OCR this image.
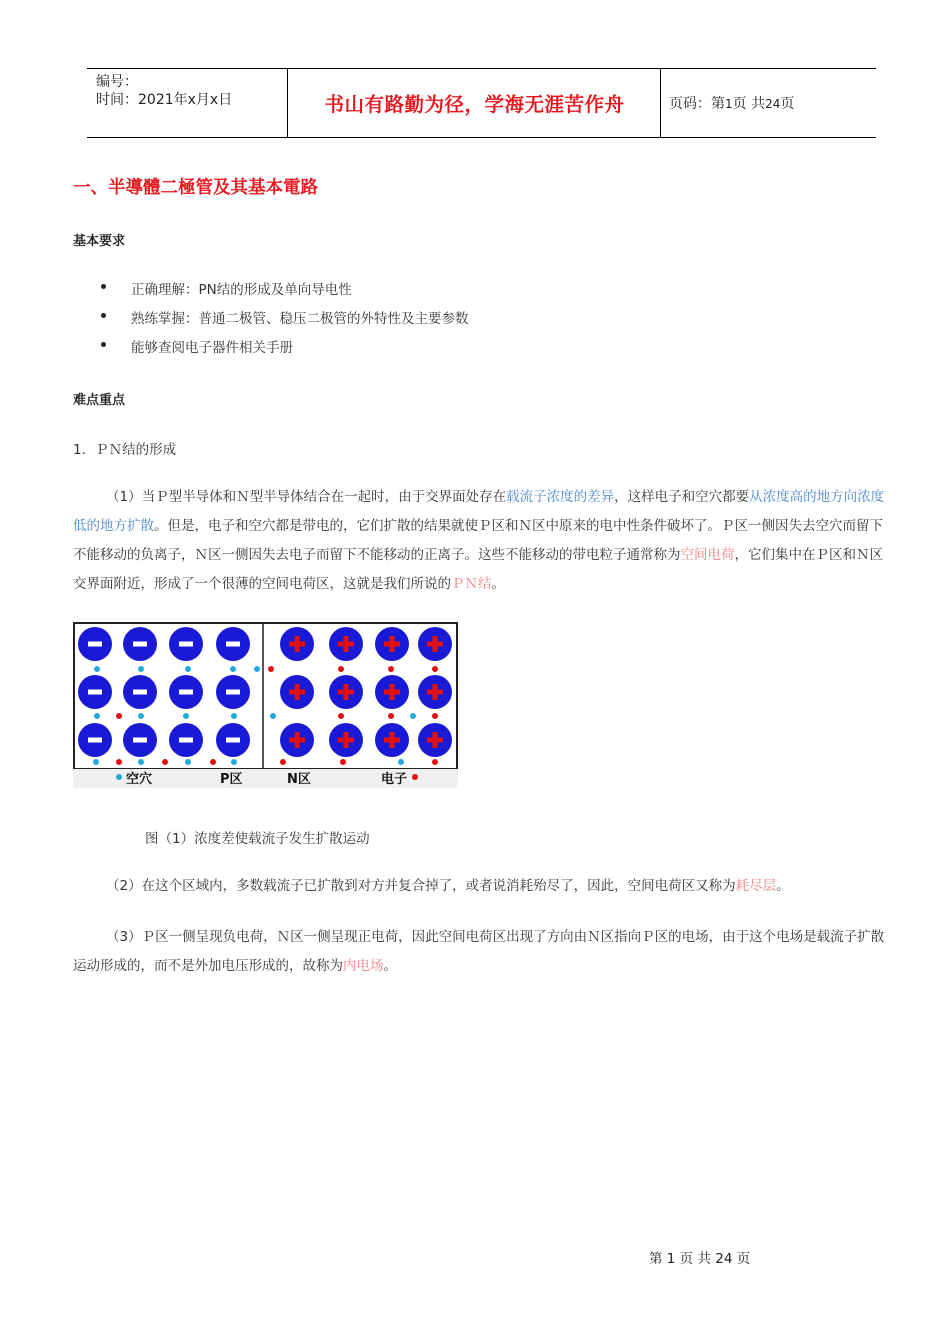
编号：
时间：2021年x月x日	书山有路勤为径，学海无涯苦作舟	页码：第1页 共24页
一、半導體二極管及其基本電路
基本要求
正确理解：PN结的形成及单向导电性
熟练掌握：普通二极管、稳压二极管的外特性及主要参数
能够查阅电子器件相关手册
难点重点
1．ＰＮ结的形成
（1）当Ｐ型半导体和Ｎ型半导体结合在一起时，由于交界面处存在载流子浓度的差异，这样电子和空穴都要从浓度高的地方向浓度低的地方扩散。但是，电子和空穴都是带电的，它们扩散的结果就使Ｐ区和Ｎ区中原来的电中性条件破坏了。Ｐ区一侧因失去空穴而留下不能移动的负离子，Ｎ区一侧因失去电子而留下不能移动的正离子。这些不能移动的带电粒子通常称为空间电荷，它们集中在Ｐ区和Ｎ区交界面附近，形成了一个很薄的空间电荷区，这就是我们所说的ＰＮ结。
空穴	P区	N区	电子
图（1）浓度差使载流子发生扩散运动
（2）在这个区域内，多数载流子已扩散到对方并复合掉了，或者说消耗殆尽了，因此，空间电荷区又称为耗尽层。
（3）Ｐ区一侧呈现负电荷，Ｎ区一侧呈现正电荷，因此空间电荷区出现了方向由Ｎ区指向Ｐ区的电场，由于这个电场是载流子扩散运动形成的，而不是外加电压形成的，故称为内电场。
第 1 页 共 24 页
